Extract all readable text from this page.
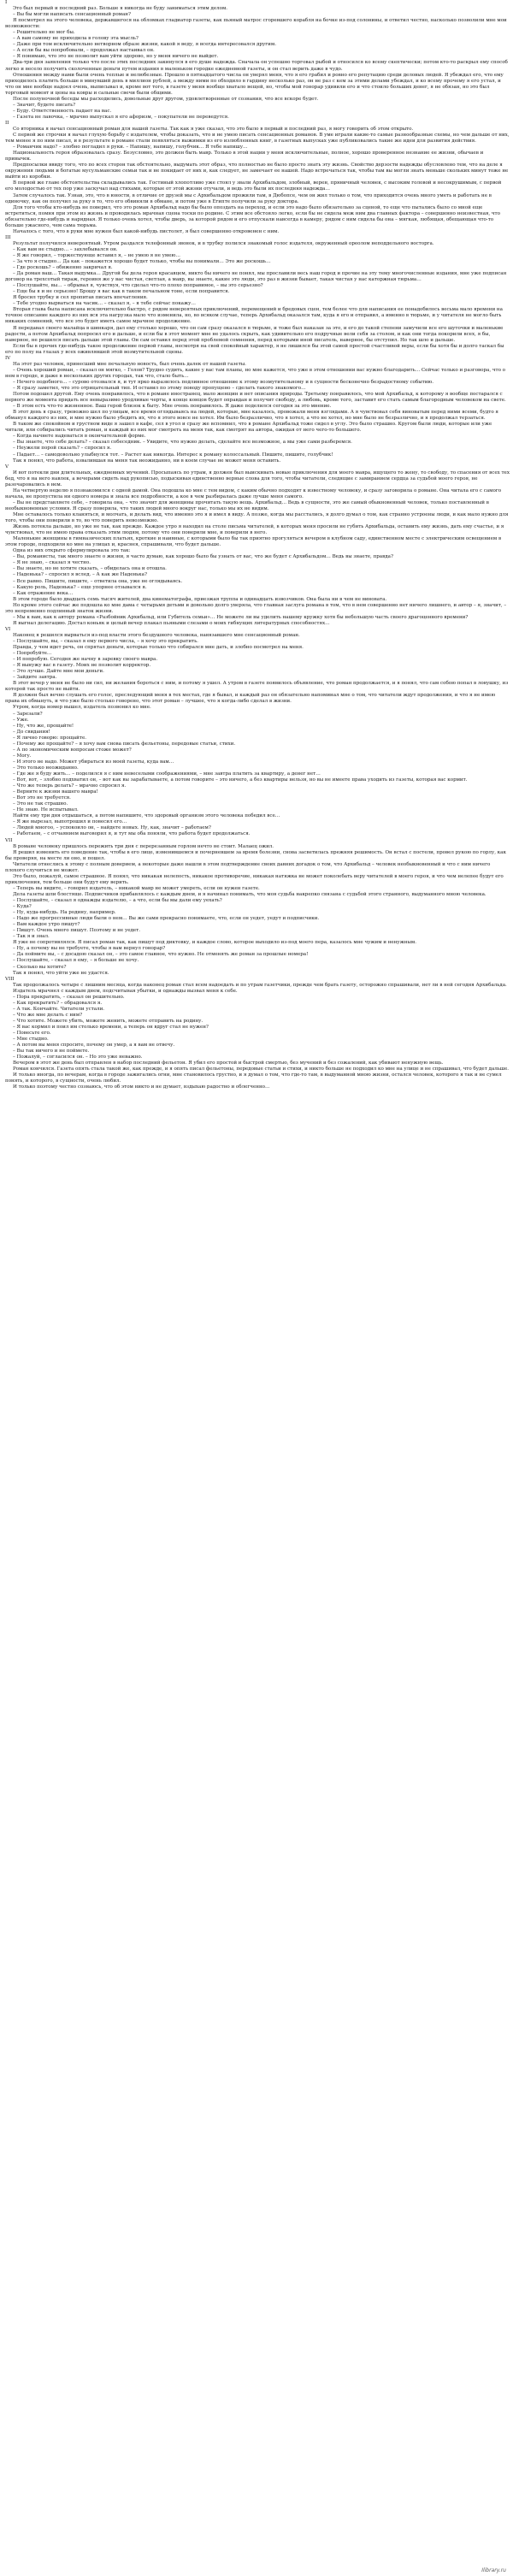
I

Это был первый и последний раз. Больше я никогда не буду заниматься этим делом.

– Вы бы могли написать сенсационный роман?

Я посмотрел на этого человека, державшегося на обломках гладиатор газеты, как пьяный матрос сгоревшего корабля на бочке из-под солонины, и ответил честно, насколько позволили мне мои возможности:

– Решительно не мог бы.

– А вам самому не приходила в голову эта мысль?

– Даже при том исключительно нетворном образе жизни, какой я веду, я всегда интересовался другим.

– А если бы вы попробовали, – продолжал настаивал он.

– Я понимаю, что это не позволит вам уйти здорово, но у меня ничего не выйдет.

Два-три дня заявления только что после этих последних закинулся в его душе надежда. Сначала он успешно торговал рыбой и относился ко всему скептически; потом кто-то раскрыл ему способ легко и весело получить сколоченные деньги путем издания в маленьком городке ежедневной газеты, и он стал верить даже в чудо.

Отношения между нами были очень теплые и нелюбезные. Прошло в пятнадцатого числа он уверял меня, что я его грабил и ровно его репутацию среди деловых людей. Я убеждал его, что ему приходилось платить больше в минувший день в миллион рублей, а между ними по обходило в гардину несколько раз, он не раз с кем за этими делами убеждал, и ко всему прочему я его устал, и что он мне вообще надоел очень, выписывал и, кроме вот того, в газете у меня вообще хватало вещей, но, чтобы мой гонорар удивили его и что стоило больших денег, я не обязан, но это был торговый момент и цены на ковры и сальные свечи были общими.

После полуночной беседы мы расходились, довольные друг другом, удовлетворенные от сознания, что все вскоре будет.

– Значит, будете писать?

– Буду. Ответственность падает на вас.

– Газета не лавочка, – мрачно выпускал я его афоризм, – покупатели не переведутся.

II

Со вторника я начал сенсационный роман для нашей газеты. Так как я уже сказал, что это было в первый и последний раз, я могу говорить об этом открыто.

С первой же строчки я начал глухую борьбу с издателем, чтобы доказать, что и не умею писать сенсационных романов. В уме играли какие-то самые разнообразные схемы, но чем дальше от них, тем менее я по ним писал, и в результате в романе стали появляться выжимки из его излюбленных книг, в газетных выпусках уже публиковались такие же идеи для развития действия.

– Романчик надо? – злобно погладил я руки. – Напишу, напишу, голубчик… Я тебе напишу…

Национальность героя образовалась сразу. Безусловно, это должен быть мавр. Только в этой нации у меня исключительные, полное, хорошо проверенное незнание ее жизни, обычаев и привычек.

Предпосылки ввиду того, что по всех сторон так обстоятельно, выдумать этот образ, что полностью не было просто знать эту жизнь. Свойство дерзости надежды обусловлено тем, что на деле я окружения людьми и богатые мусульманские семьи так и не покидает от них и, как следует, не замечает ее нашей. Надо встречаться так, чтобы там вы могли знать меньше скольких минут тоже не выйти из коробки.

В первой же главе обстоятельства складывались так. Гостиный хлопотливо уже стоял у звали Архибальдом, злобный, верен, пряничный человек, с высоким головой и несокрушимым, с первой его молодостью от тех пор уже заскучал над стихами, которые от этой жизни отучали, и ведь это были их последняя надежда…

Затем случалось так. Узнав, это, что в юности, в отличие от друзей мы с Архибальдом прожили там, в Дюбопсе, чем он жил только о том, что приходится очень много уметь и работать не в одиночку, как он получил за руку в то, что его обвиняли в обмане, и потом уже в Египте получили за руку доктора.

Для того чтобы кто-нибудь не поверил, что это роман Архибальд надо бы было опоздать на переход, и если это надо было обязательно за сценой, то еще что пытались было со мной еще встретиться, помня при этом из жизнь и проводилась мрачная сцена тоски по родине. С этим все обстояло легко, если бы не сидела меж ним два главных фактора – совершенно неизвестная, что обязательно где-нибудь и нарядная. Я только очень хотел, чтобы дверь, за которой рядом и его отпускали навсегда в камеру, рядом с ним сидела бы она – мягкая, любящая, обещающая что-то больше ужасного, чем сама тюрьма.

Началось с того, что в руки мне нужен был какой-нибудь пистолет, я был совершенно откровенен с ним.

III

Результат получился невероятный. Утром раздался телефонный звонок, и в трубку полился знакомый голос издателя, окруженный ореолом неподдельного восторга.

– Как вам не стыдно… – захлебывался он.

– Я же говорил, – торжествующе вставил я, – не умею я не умею…

– За что я стыдно… Да как – покажется хорошо будет только, чтобы вы понимали… Это же роскошь…

– Где роскошь? – обиженно закричал я.

– Да роман ваш… Такая выдумка… Другой бы дела героя красавцем, никто бы ничего не понял, мы прославили весь наш город и прочие на эту тему многочисленные издания, мне уже подписан договор на трехсотый тираж, героиня же у вас чистая, светлая, а мавр, вы знаете, какие это люди, это раз в жизни бывает, такая чистая у нас каторжная тюрьма…

– Послушайте, вы… – обрывал я, чувствуя, что сделал что-то плохо поправимое, – вы это серьезно?

– Еще бы я и не серьезно! Брошу я вас как в таком печальном тоне, если поправится.

Я бросил трубку и сел пропитав писать впечатления.

– Тебе угодно вырваться на часик… – сказал я, – я тебе сейчас покажу…

Вторая глава была написана исключительно быстро, с рядом невероятных приключений, перемещений и бредовых сцен, тем более что для написания ее понадобилось весьма мало времени на точное описание каждого из них вся эта нагрузка мало что изменила, но, во всяком случае, теперь Архибальд оказался там, куда я его и отправил, а именно в тюрьме, и у читателя не могло быть никаких сомнений, что все это будет иметь самое мрачное продолжение.

Я передавал своего малайца в шинкаря, дал ему столько хорошо, что он сам сразу оказался в тюрьме, и тоже был наказан за это, и его до такой степени замучили все его шуточки и маленькие радости, а потом Архибальд попросил его и дальше, и если бы в этот момент мне не удалось скрыть, как удивительно его подручные вели себя за столом, и как они тогда покорили всех, я бы, наверное, не решился писать дальше этой главы. Он сам оставил перед этой проблемой сомнения, перед которыми иной писатель, наверное, бы отступил. Но так шло и дальше.

Если бы в прочих где-нибудь такое продолжение первой главы, несмотря на свой спокойный характер, я не лишился бы этой самой простой счастливой веры, если бы хотя бы и долго таскал бы его по полу на глазах у всех оживлявшей этой возмутительной сцены.

IV

На этот раз человек, принесший мне печальную новость, был очень далек от нашей газеты.

– Очень хороший роман, – сказал он мягко, – Голов? Трудно судить, какие у вас там планы, но мне кажется, что уже в этом отношении вас нужно благодарить… Сейчас только и разговора, что о нем в городе, и даже в нескольких других городах, так что, стало быть…

– Нечего подобного… – сурово отозвался я, и тут ярко выразилось подлинное отношение к этому возмутительному и в сущности бесконечно безрадостному событию.

– Я сразу заметил, что это отрицательный тип. И оставил по этому поводу пропущено – сделать такого знакомого…

Потом подошел другой. Ему очень понравилось, что в романе иностранец, мало женщин и нет описания природы. Третьему понравилось, что мой Архибальд, к которому я вообще постарался с первого же момента придать все невыразимо уродливые черты, в конце концов будет оправдан и получит свободу, а любовь, кроме того, заставит его стать самым благородным человеком на свете.

– В этом есть что-то жизненное. Ваш герой близок к быту. Мне очень понравилось. Я даже поделился сегодня за это мнение.

В этот день я сразу, тревожно шел по улицам, все время оглядываясь на людей, которые, мне казалось, провожали меня взглядами. А я чувствовал себя виноватым перед ними всеми, будто я обманул каждого из них, и мне нужно было убедить их, что я этого вовсе не хотел. Им было безразлично, что я хотел, а что не хотел, но мне было не безразлично, и я продолжал терзаться.

В таком же спокойном и грустном виде я зашел в кафе, сел в угол и сразу же вспомнил, что в романе Архибальд тоже сидел в углу. Это было страшно. Кругом были люди, которые или уже читали, или собирались читать роман, и каждый из них мог смотреть на меня так, как смотрят на автора, ожидая от него чего-то большего.

– Когда начнете надеваться в окончательной форме.

– Вы знаете, что себе делать? – сказал собеседник. – Увидите, что нужно делать, сделайте все возможное, а мы уже сами разберемся.

– Неужели порой сказать? – спросил я.

– Падает… – самодовольно улыбнулся тот. – Растет как никогда. Интерес к роману колоссальный. Пишите, пишите, голубчик!

Так я понял, что работа, взвалившая на меня так неожиданно, ни в коем случае не может меня оставить.

V

И вот потекли дни длительных, ежедневных мучений. Просыпаясь по утрам, я должен был выискивать новые приключения для моего мавра, ищущего то жену, то свободу, то спасения от всех тех бед, что я на него навлек, а вечерами сидеть над рукописью, подыскивая единственно верные слова для того, чтобы читатели, следящие с замиранием сердца за судьбой моего героя, не разочаровались в нем.

На четвертую неделю я познакомился с одной дамой. Она подошла ко мне с тем видом, с каким обычно подходят к известному человеку, и сразу заговорила о романе. Она читала его с самого начала, не пропустила ни одного номера и знала все подробности, а кое в чем разбиралась даже лучше меня самого.

– Вы не представляете себе, – говорила она, – что значит для женщины прочитать такую вещь. Архибальд… Ведь в сущности, это же самый обыкновенный человек, только поставленный в необыкновенные условия. Я сразу поверила, что таких людей много вокруг нас, только мы их не видим.

Мне оставалось только кланяться, и молчать, и делать вид, что именно это я и имел в виду. А позже, когда мы расстались, я долго думал о том, как странно устроены люди, и как мало нужно для того, чтобы они поверили в то, во что поверить невозможно.

Жизнь потекла дальше, но уже не так, как прежде. Каждое утро я находил на столе письма читателей, в которых меня просили не губить Архибальда, оставить ему жизнь, дать ему счастье, и я чувствовал, что не имею права отказать этим людям, потому что они поверили мне, и поверили в него.

Маленькие женщины в гимназических платьях, кроткие и наивные, с которыми было бы так приятно прогуляться вечером в клубном саду, единственном месте с электрическим освещением в этом городе, подходили ко мне на улицах и, краснея, спрашивали, что будет дальше.

Одна из них открыто сформулировала это так:

– Вы, романисты, так много знаете о жизни, я часто думаю, как хорошо было бы узнать от вас, что же будет с Архибальдом… Ведь вы знаете, правда?

– Я не знаю, – сказал я честно.

– Вы знаете, но не хотите сказать, – обиделась она и отошла.

– Наденька? – спросил я вслед. – А как же Наденька?

– Все равно. Пишите, пишите, – ответила она, уже не оглядываясь.

– Какую роль, Наденька? – еще упорнее отзывался я.

– Как отражение века…

В этом городе было двадцать семь тысяч жителей, два кинематографа, приезжая труппа и одинадцать извозчиков. Она была ни в чем не виновата.

Но кроме этого сейчас же подошла ко мне дама с четырьмя детьми и довольно долго уверяла, что главная заслуга романа в том, что в нем совершенно нет ничего лишнего, и автор – я, значит, – это непременно подлинный знаток жизни.

– Мы к вам, как к автору романа «Разбойник Архибальд, или Губитель семьи»… Не можете ли вы уделить нашему кружку хотя бы небольшую часть своего драгоценного времени?

Я выгнал делегацию. Достал коньяк и целый вечер плакал пьяными слезами о моих гибнущих литературных способностях…

VI

Наконец я решился вырваться из-под власти этого бездушного человека, навязавшего мне сенсационный роман.

– Послушайте, вы, – сказал я ему первого числа, – я хочу это прекратить.

Правда, у чем идет речь, он спрятал деньги, которые только что собирался мне дать, и злобно посмотрел на меня.

– Попробуйте…

– И попробую. Сегодня же начну в заревку своего мавра.

– Я вынужу вас в газету. Моих не позволит корректор.

– Это лучше. Дайте мне мои деньги.

– Зайдите завтра.

В этот вечер у меня не было ни сил, ни желания бороться с ним, и потому я ушел. А утром в газете появилось объявление, что роман продолжается, и я понял, что сам собою попал в ловушку, из которой так просто не выйти.

Я должен был вечно слушать его голос, преследующий меня в тех местах, где я бывал, и каждый раз он обязательно напоминал мне о том, что читатели ждут продолжения, и что я не имею права их обмануть, и что уже было столько говорено, что этот роман – лучшее, что я когда-либо сделал в жизни.

Утром, когда номер вышел, издатель позвонил ко мне.

– Зарезали?

– Уже.

– Ну, что же, прощайте!

– До свидания!

– Я лично говорю: прощайте.

– Почему же прощайте? – я хочу вам снова писать фельетоны, передовые статьи, стихи.

– А по экономическим вопросам стоже может?

– Могу.

– И этого не надо. Может убираться из моей газеты, куда вам…

– Это только неожиданно.

– Где же я буду жить… – поделился я с ним невеселыми соображениями, – мне завтра платить за квартиру, а денег нет…

– Вот, вот, – злобно подхватил он, – вот как вы зарабатываете, а потом говорите – это ничего, а без квартиры нельзя, но вы не имеете права уходить из газеты, которая вас кормит.

– Что же теперь делать? – мрачно спросил я.

– Верните к жизни вашего мавра!

– Вот это не требуется.

– Это не так страшно.

– Не знаю. Не испытывал.

Найти ему три дня отдышаться, а потом напишите, что здоровый организм этого человека победил все…

– Я же вырезал, выпотрошил и повесил его…

– Людей многоо, – успокоило он, – найдете новых. Ну, как, значит – работаем?

– Работаем, – с отчаянием выговорил я, и тут мы оба поняли, что работа будет продолжаться.

VII

В романе человеку пришлось пережить три дня с перерезанным горлом нечто не стоит. Малаец ожил.

Я решил изменить его поведение так, чтобы в его лице, изменившемся и почерневшем за время болезни, снова засветилась прежняя решимость. Он встал с постели, провел рукою по горлу, как бы проверяя, на месте ли оно, и пошел.

Читатели отнеслись к этому с полным доверием, а некоторые даже нашли в этом подтверждение своих давних догадок о том, что Архибальд – человек необыкновенный и что с ним ничего плохого случиться не может.

Это было, пожалуй, самое страшное. Я понял, что никакая нелепость, никакое противоречие, никакая натяжка не может поколебать веру читателей в моего героя, и что чем нелепее будут его приключения, тем больше они будут ему верить.

– Теперь вы видите, – говорил издатель, – никакой мавр не может умереть, если он нужен газете.

Дела газеты шли блестяще. Подписчиков прибавлялось с каждым днем, и я начинал понимать, что моя судьба накрепко связана с судьбой этого странного, выдуманного мною человека.

– Послушайте, – сказал я однажды издателю, – а что, если бы мы дали ему уехать?

– Куда?

– Ну, куда-нибудь. На родину, например.

– Надо же прогрессивные люди были о нем… Вы же сами прекрасно понимаете, что, если он уедет, уедут и подписчики.

– Вам каждое утро пишут?

– Пишут. Очень много пишут. Поэтому и не уедет.

– Так я и знал.

Я уже не сопротивлялся. Я писал роман так, как пишут под диктовку, и каждое слово, которое выходило из-под моего пера, казалось мне чужим и ненужным.

– Ну, а почему вы не требуете, чтобы я вам вернул гонорар?

– Да поймите вы, – с досадою сказал он, – это самое главное, что нужно. Не отменять же роман за прошлые номера!

– Послушайте, – сказал я ему, – я больше не хочу.

– Сколько вы хотите?

Так я понял, что уйти уже не удастся.

VIII

Так продолжалось четыре с лишним месяца, когда наконец роман стал всем надоедать и по утрам газетчики, прежде чем брать газету, осторожно спрашивали, нет ли в ней сегодня Архибальда.

Издатель мрачнел с каждым днем, подсчитывая убытки, и однажды вызвал меня к себе.

– Пора прекратить, – сказал он решительно.

– Как прекратить? – обрадовался я.

– А так. Кончайте. Читатели устали.

– Что же мне делать с ним?

– Что хотите. Можете убить, можете женить, можете отправить на родину.

– Я вас кормил и поил им столько времени, а теперь он вдруг стал не нужен?

– Повесьте его.

– Мне стыдно.

– А потом вы меня спросите, почему он умер, а я вам не отвечу.

– Вы так ничего и не поймете.

– Пожалуй, – согласился он. – Но это уже неважно.

Вечером в этот же день был отправлен в набор последний фельетон. Я убил его простой и быстрой смертью, без мучений и без сожалений, как убивают ненужную вещь.

Роман кончился. Газета опять стала такой же, как прежде, и я опять писал фельетоны, передовые статьи и стихи, и никто больше не подходил ко мне на улице и не спрашивал, что будет дальше.

И только иногда, по вечерам, когда в городе зажигались огни, мне становилось грустно, и я думал о том, что где-то там, в выдуманной мною жизни, остался человек, которого я так и не сумел понять, и которого, в сущности, очень любил.

И только поэтому честно сознаюсь, что об этом никто и не думает, вздыхаю радостно и облегченно…

Ilibrary.ru
